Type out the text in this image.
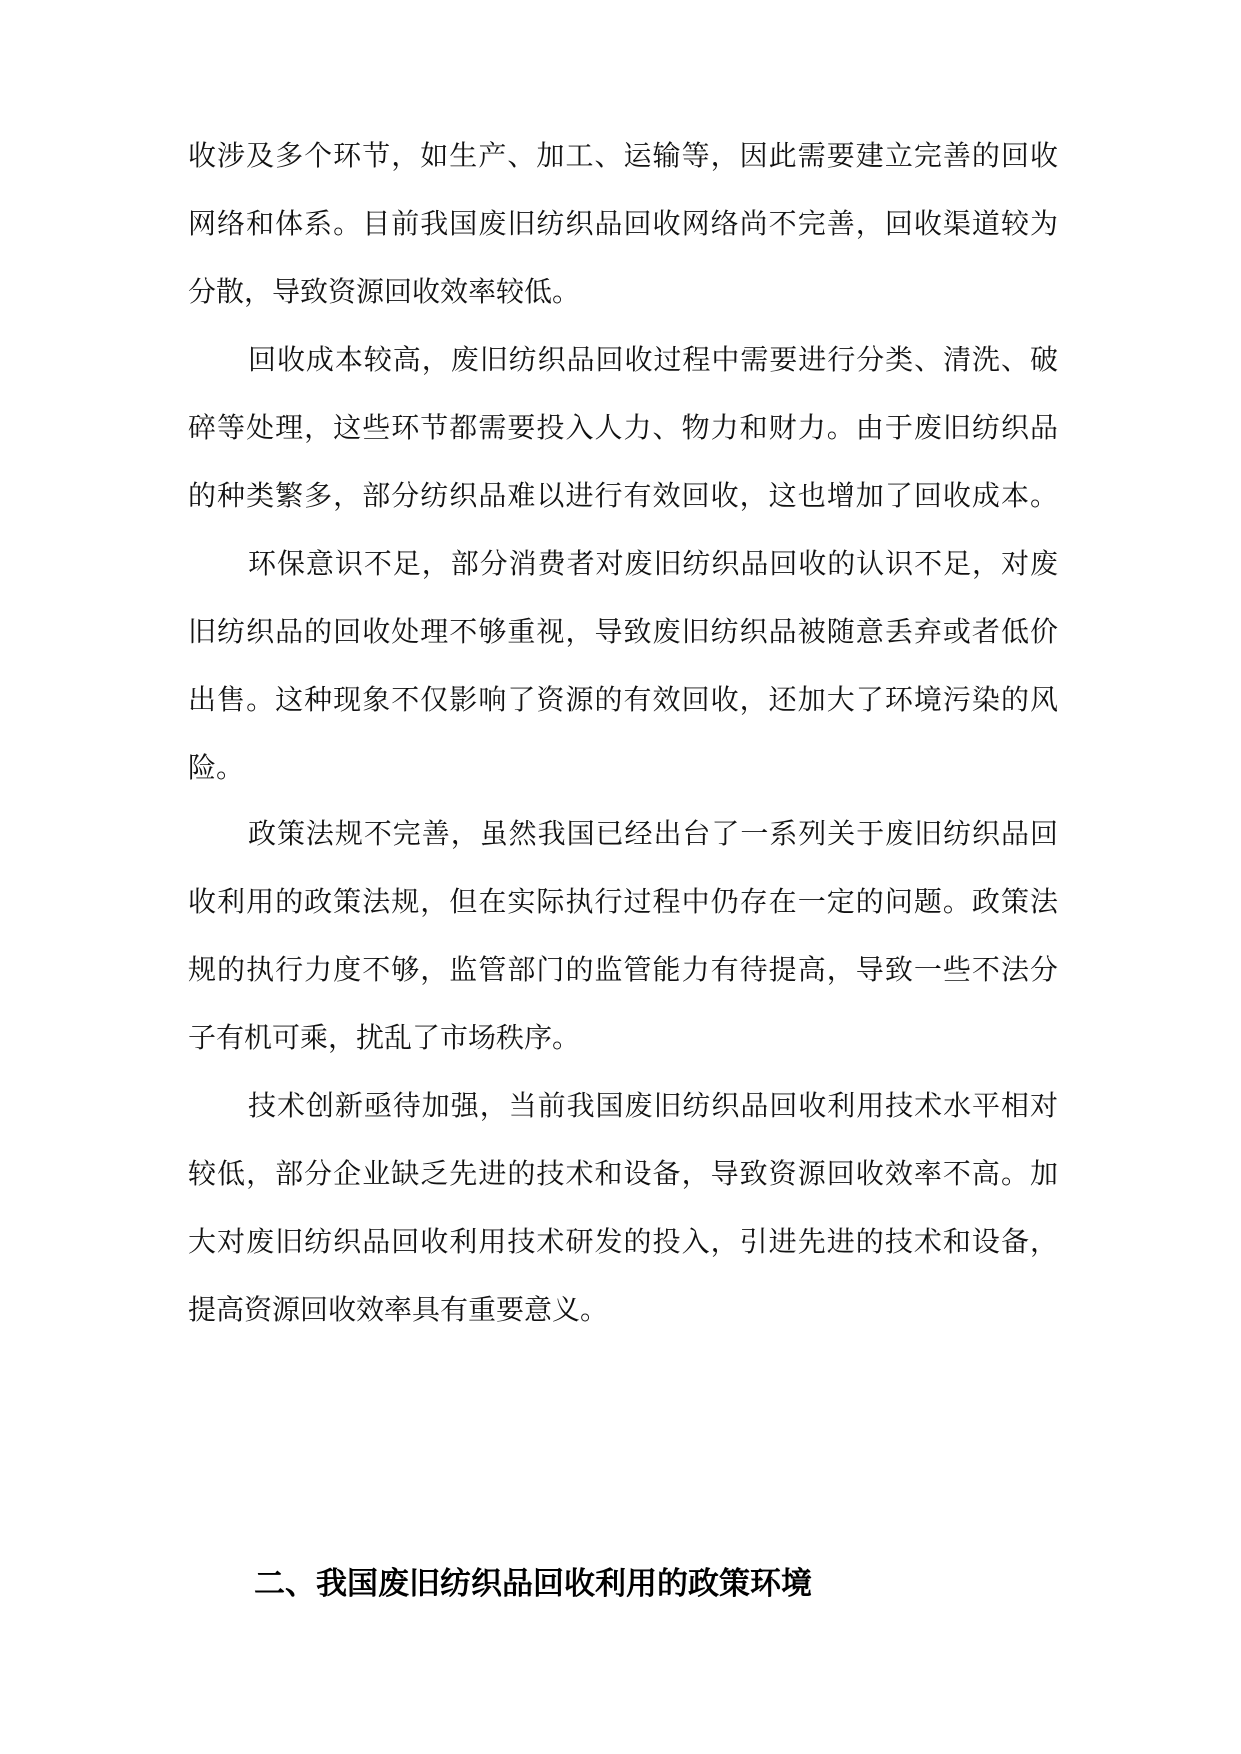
收涉及多个环节，如生产、加工、运输等，因此需要建立完善的回收
网络和体系。目前我国废旧纺织品回收网络尚不完善，回收渠道较为
分散，导致资源回收效率较低。
回收成本较高，废旧纺织品回收过程中需要进行分类、清洗、破
碎等处理，这些环节都需要投入人力、物力和财力。由于废旧纺织品
的种类繁多，部分纺织品难以进行有效回收，这也增加了回收成本。
环保意识不足，部分消费者对废旧纺织品回收的认识不足，对废
旧纺织品的回收处理不够重视，导致废旧纺织品被随意丢弃或者低价
出售。这种现象不仅影响了资源的有效回收，还加大了环境污染的风
险。
政策法规不完善，虽然我国已经出台了一系列关于废旧纺织品回
收利用的政策法规，但在实际执行过程中仍存在一定的问题。政策法
规的执行力度不够，监管部门的监管能力有待提高，导致一些不法分
子有机可乘，扰乱了市场秩序。
技术创新亟待加强，当前我国废旧纺织品回收利用技术水平相对
较低，部分企业缺乏先进的技术和设备，导致资源回收效率不高。加
大对废旧纺织品回收利用技术研发的投入，引进先进的技术和设备，
提高资源回收效率具有重要意义。
二、我国废旧纺织品回收利用的政策环境
